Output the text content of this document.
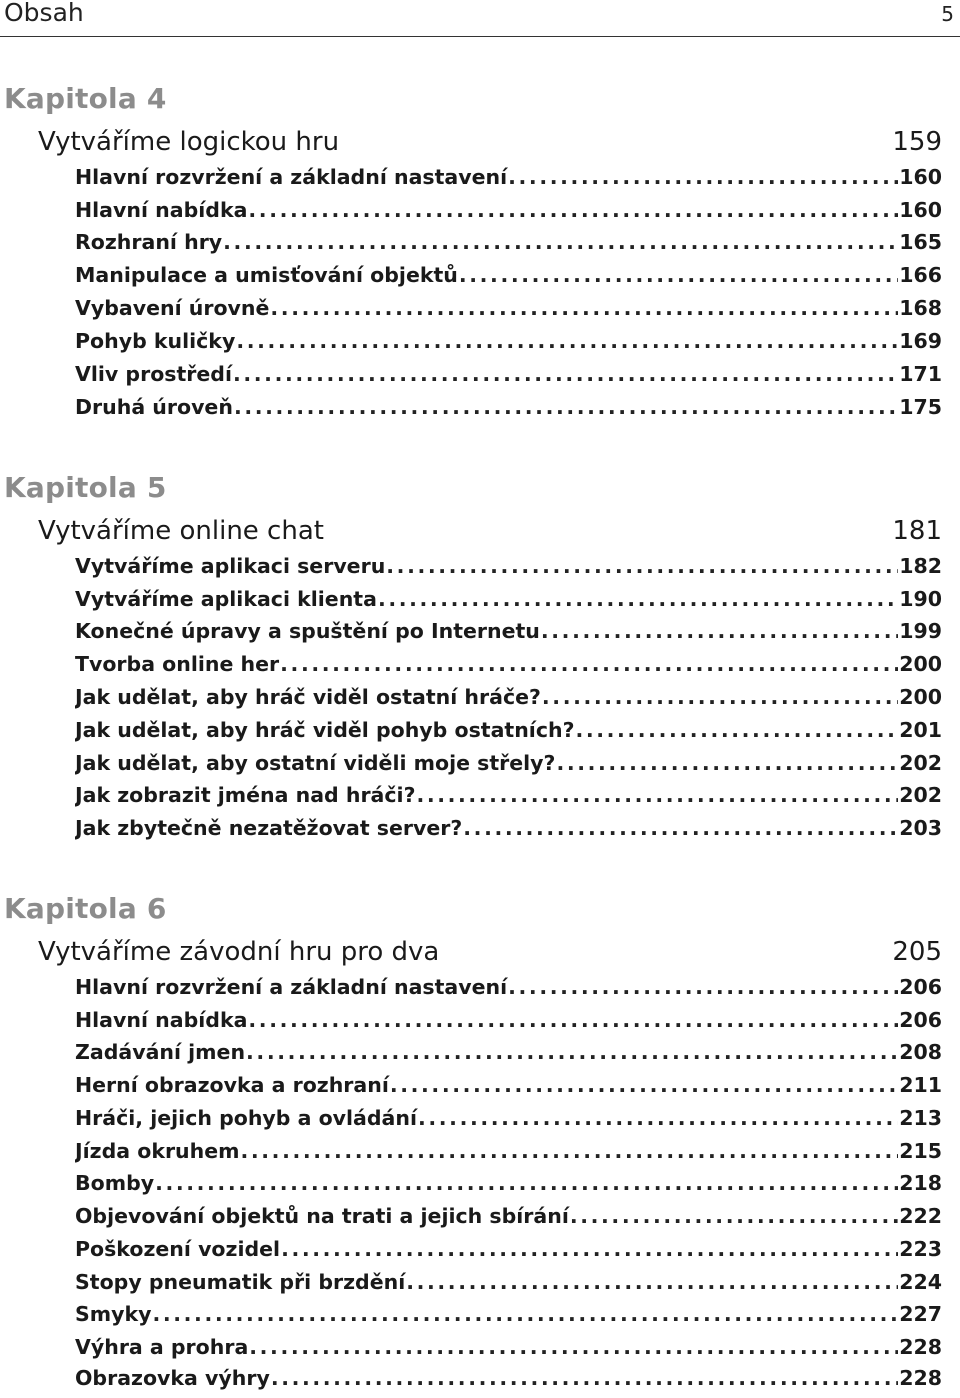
Obsah	5
Kapitola 4
Vytváříme logickou hru	159
Hlavní rozvržení a základní nastavení .....	160
Hlavní nabídka .....	160
Rozhraní hry .....	165
Manipulace a umisťování objektů .....	166
Vybavení úrovně .....	168
Pohyb kuličky .....	169
Vliv prostředí .....	171
Druhá úroveň .....	175
Kapitola 5
Vytváříme online chat	181
Vytváříme aplikaci serveru .....	182
Vytváříme aplikaci klienta .....	190
Konečné úpravy a spuštění po Internetu .....	199
Tvorba online her .....	200
Jak udělat, aby hráč viděl ostatní hráče? .....	200
Jak udělat, aby hráč viděl pohyb ostatních? .....	201
Jak udělat, aby ostatní viděli moje střely? .....	202
Jak zobrazit jména nad hráči? .....	202
Jak zbytečně nezatěžovat server? .....	203
Kapitola 6
Vytváříme závodní hru pro dva	205
Hlavní rozvržení a základní nastavení .....	206
Hlavní nabídka .....	206
Zadávání jmen .....	208
Herní obrazovka a rozhraní .....	211
Hráči, jejich pohyb a ovládání .....	213
Jízda okruhem .....	215
Bomby .....	218
Objevování objektů na trati a jejich sbírání .....	222
Poškození vozidel .....	223
Stopy pneumatik při brzdění .....	224
Smyky .....	227
Výhra a prohra .....	228
Obrazovka výhry .....	228
